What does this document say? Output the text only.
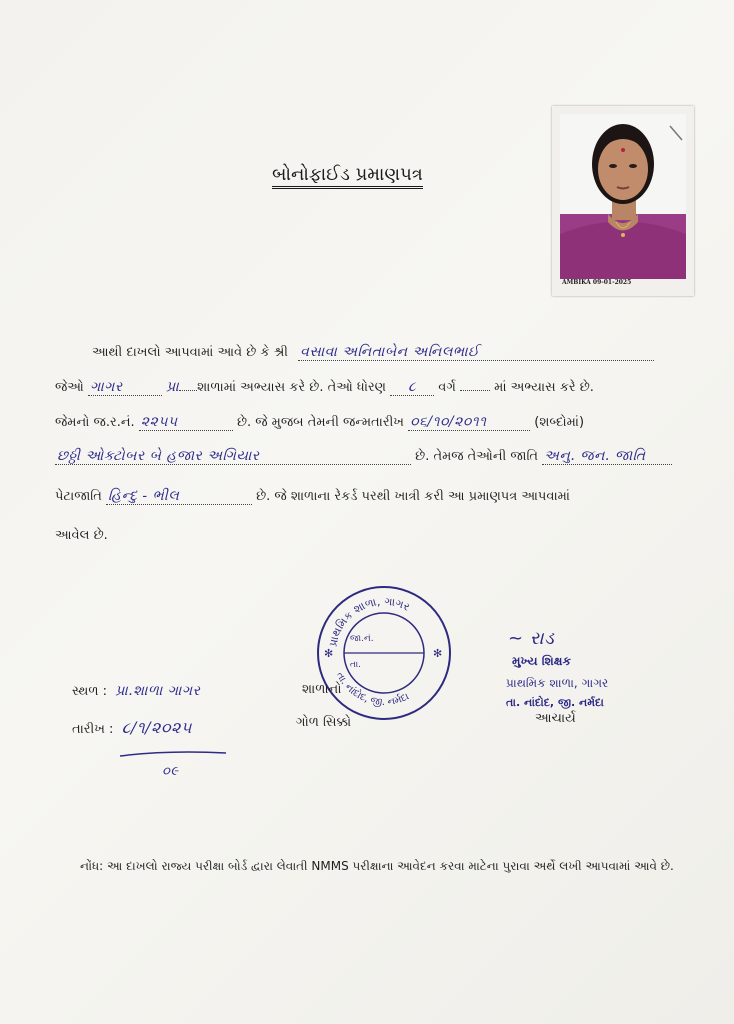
બોનોફાઈડ પ્રમાણપત્ર
AMBIKA 09-01-2025
આથી દાખલો આપવામાં આવે છે કે શ્રી વસાવા અનિતાબેન અનિલભાઈ
જેઓ ગાગર	પ્રા શાળામાં અભ્યાસ કરે છે. તેઓ ધોરણ ૮ વર્ગ	માં અભ્યાસ કરે છે.
જેમનો જ.ર.નં. ૨૨૫૫	છે. જે મુજબ તેમની જન્મતારીખ ૦૬/૧૦/૨૦૧૧	(શબ્દોમાં)
છઠ્ઠી ઓક્ટોબર બે હજાર અગિયાર	છે. તેમજ તેઓની જાતિ અનુ. જન. જાતિ
પેટાજાતિ હિન્દુ - ભીલ	છે. જે શાળાના રેકર્ડ પરથી ખાત્રી કરી આ પ્રમાણપત્ર આપવામાં
આવેલ છે.
પ્રાથમિક શાળા, ગાગર
તા. નાંદોદ, જી. નર્મદા
જા.નં.
તા.
✻	✻
સ્થળ : પ્રા.શાળા ગાગર
તારીખ : ૮/૧/૨૦૨૫
૦૯
શાળાનો
ગોળ સિક્કો
~ રાડ
મુખ્ય શિક્ષક
પ્રાથમિક શાળા, ગાગર
તા. નાંદોદ, જી. નર્મદા
આચાર્ય
નોંધ: આ દાખલો રાજ્ય પરીક્ષા બોર્ડ દ્વારા લેવાતી NMMS પરીક્ષાના આવેદન કરવા માટેના પુરાવા અર્થે લખી આપવામાં આવે છે.
